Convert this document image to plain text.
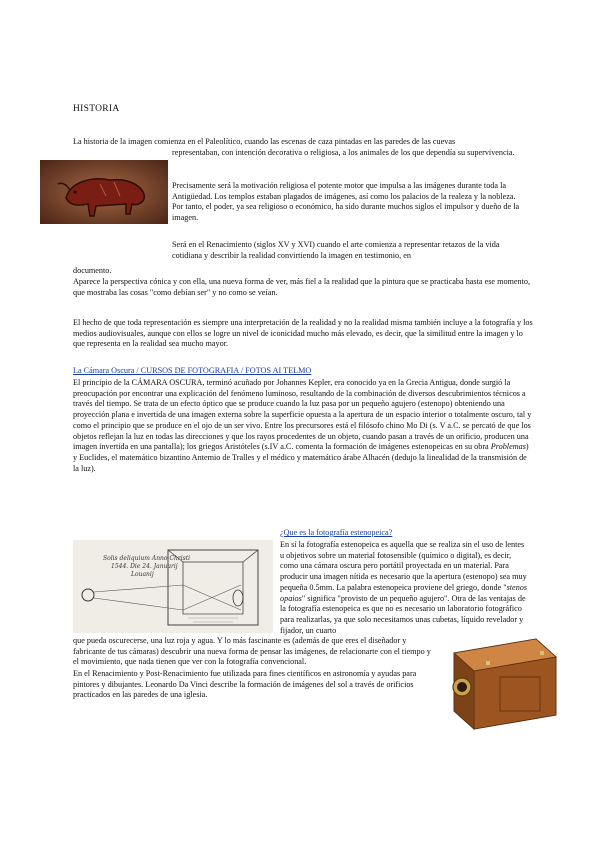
HISTORIA

La historia de la imagen comienza en el Paleolítico, cuando las escenas de caza pintadas en las paredes de las cuevas

representaban, con intención decorativa o religiosa, a los animales de los que dependía su supervivencia.

Precisamente será la motivación religiosa el potente motor que impulsa a las imágenes durante toda la Antigüedad. Los templos estaban plagados de imágenes, así como los palacios de la realeza y la nobleza. Por tanto, el poder, ya sea religioso o económico, ha sido durante muchos siglos el impulsor y dueño de la imagen.

Será en el Renacimiento (siglos XV y XVI) cuando el arte comienza a representar retazos de la vida cotidiana y describir la realidad convirtiendo la imagen en testimonio, en

documento.

Aparece la perspectiva cónica y con ella, una nueva forma de ver, más fiel a la realidad que la pintura que se practicaba hasta ese momento, que mostraba las cosas "como debían ser" y no como se veían.

El hecho de que toda representación es siempre una interpretación de la realidad y no la realidad misma también incluye a la fotografía y los medios audiovisuales, aunque con ellos se logre un nivel de iconicidad mucho más elevado, es decir, que la similitud entre la imagen y lo que representa en la realidad sea mucho mayor.

La Cámara Oscura / CURSOS DE FOTOGRAFIA / FOTOS AI TELMO

El principio de la CÁMARA OSCURA, terminó acuñado por Johannes Kepler, era conocido ya en la Grecia Antigua, donde surgió la preocupación por encontrar una explicación del fenómeno luminoso, resultando de la combinación de diversos descubrimientos técnicos a través del tiempo. Se trata de un efecto óptico que se produce cuando la luz pasa por un pequeño agujero (estenopo) obteniendo una proyección plana e invertida de una imagen externa sobre la superficie opuesta a la apertura de un espacio interior o totalmente oscuro, tal y como el principio que se produce en el ojo de un ser vivo. Entre los precursores está el filósofo chino Mo Di (s. V a.C. se percató de que los objetos reflejan la luz en todas las direcciones y que los rayos procedentes de un objeto, cuando pasan a través de un orificio, producen una imagen invertida en una pantalla); los griegos Aristóteles (s.IV a.C. comenta la formación de imágenes estenopeicas en su obra Problemas) y Euclides, el matemático bizantino Antemio de Tralles y el médico y matemático árabe Alhacén (dedujo la linealidad de la transmisión de la luz).

¿Que es la fotografía estenopeica?
Solis deliquium Anno Christi
1544. Die 24. Januarij
Louanij

En sí la fotografía estenopeica es aquella que se realiza sin el uso de lentes u objetivos sobre un material fotosensible (químico o digital), es decir, como una cámara oscura pero portátil proyectada en un material. Para producir una imagen nítida es necesario que la apertura (estenopo) sea muy pequeña 0.5mm. La palabra estenopeica proviene del griego, donde "stenos opaios" significa "provisto de un pequeño agujero". Otra de las ventajas de la fotografía estenopeica es que no es necesario un laboratorio fotográfico para realizarlas, ya que solo necesitamos unas cubetas, líquido revelador y fijador, un cuarto

que pueda oscurecerse, una luz roja y agua. Y lo más fascinante es (además de que eres el diseñador y fabricante de tus cámaras) descubrir una nueva forma de pensar las imágenes, de relacionarte con el tiempo y el movimiento, que nada tienen que ver con la fotografía convencional.

En el Renacimiento y Post-Renacimiento fue utilizada para fines científicos en astronomía y ayudas para pintores y dibujantes. Leonardo Da Vinci describe la formación de imágenes del sol a través de orificios practicados en las paredes de una iglesia.
